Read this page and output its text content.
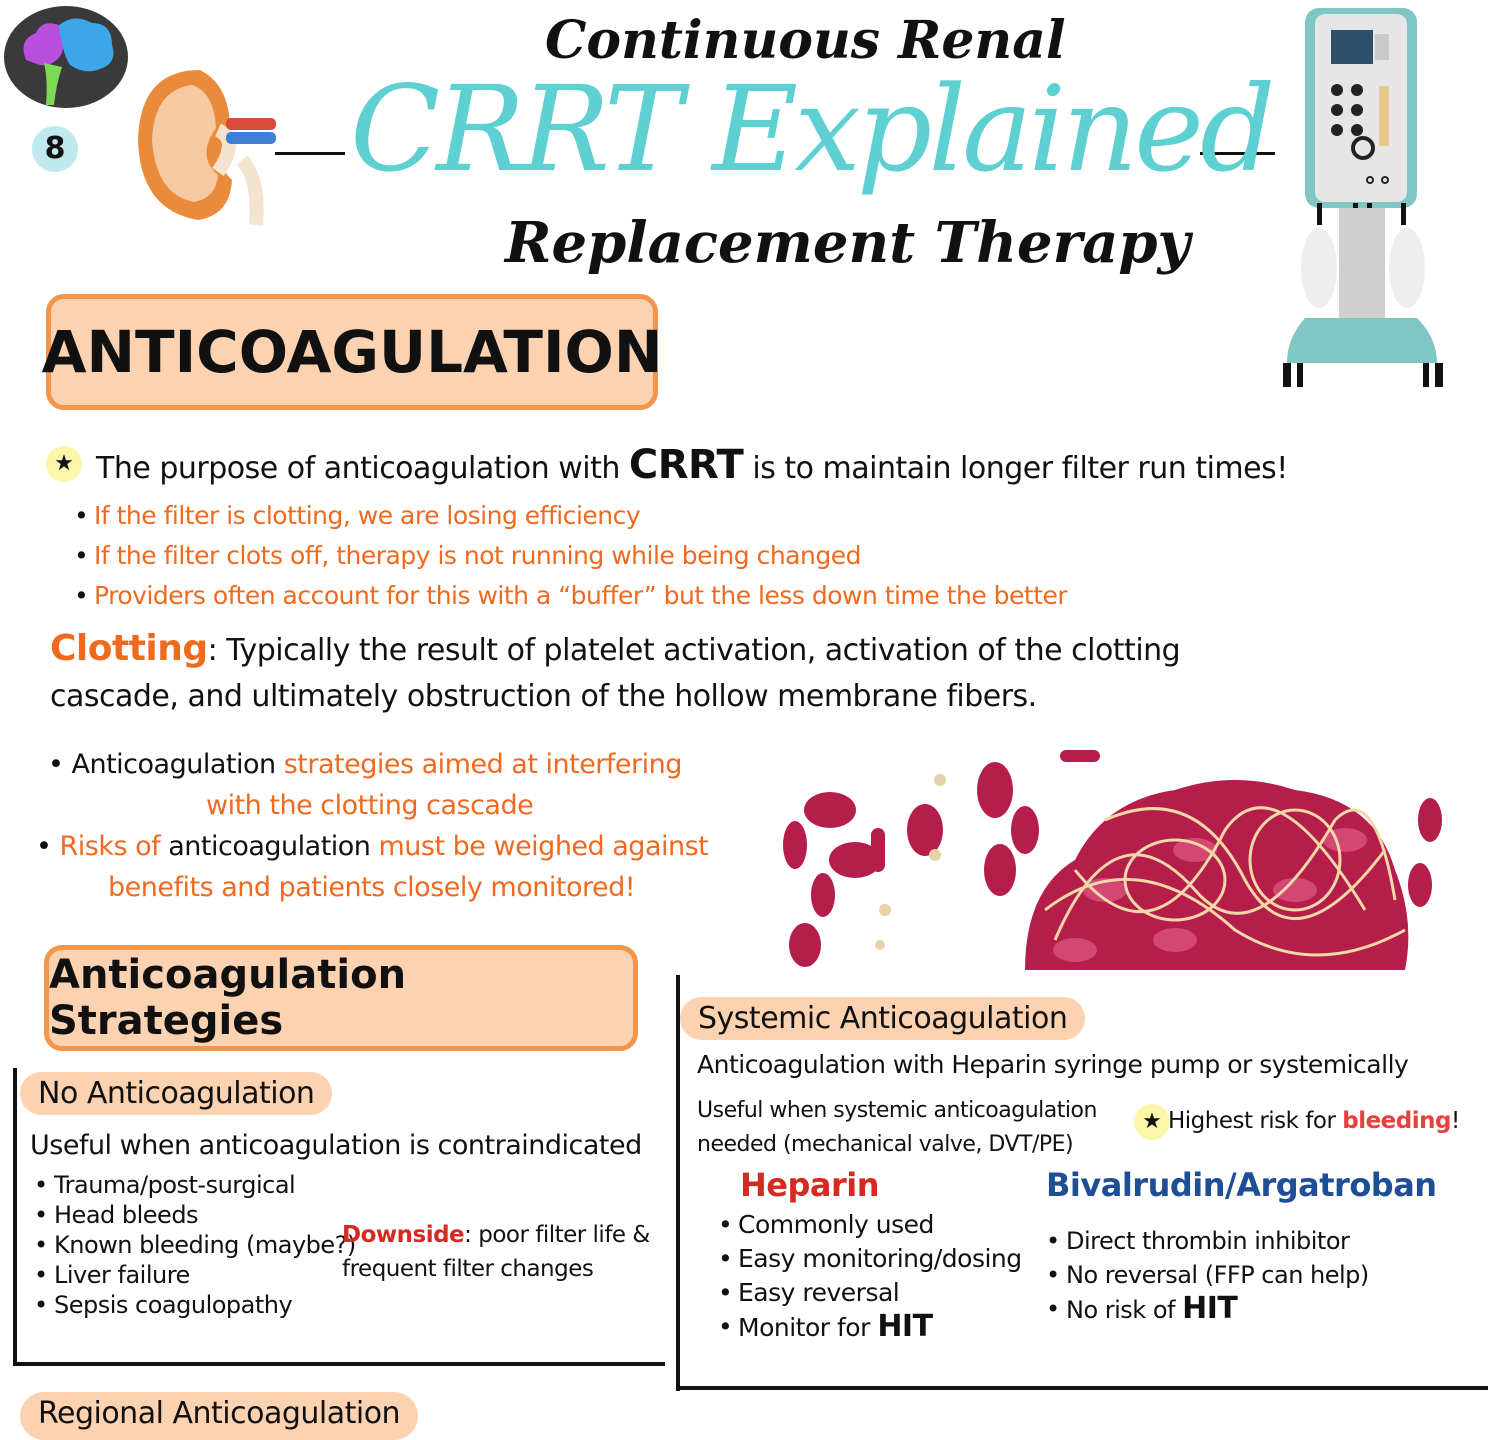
8
Continuous Renal
CRRT Explained
Replacement Therapy
ANTICOAGULATION
★ The purpose of anticoagulation with CRRT is to maintain longer filter run times!
• If the filter is clotting, we are losing efficiency
• If the filter clots off, therapy is not running while being changed
• Providers often account for this with a “buffer” but the less down time the better
Clotting: Typically the result of platelet activation, activation of the clotting
cascade, and ultimately obstruction of the hollow membrane fibers.
• Anticoagulation strategies aimed at interfering
with the clotting cascade
• Risks of anticoagulation must be weighed against
benefits and patients closely monitored!
Anticoagulation Strategies
No Anticoagulation
Useful when anticoagulation is contraindicated
• Trauma/post-surgical
• Head bleeds
• Known bleeding (maybe?)
• Liver failure
• Sepsis coagulopathy
Downside: poor filter life &
frequent filter changes
Systemic Anticoagulation
Anticoagulation with Heparin syringe pump or systemically
Useful when systemic anticoagulation
needed (mechanical valve, DVT/PE)
★ Highest risk for bleeding!
Heparin
• Commonly used
• Easy monitoring/dosing
• Easy reversal
• Monitor for HIT
Bivalrudin/Argatroban
• Direct thrombin inhibitor
• No reversal (FFP can help)
• No risk of HIT
Regional Anticoagulation
